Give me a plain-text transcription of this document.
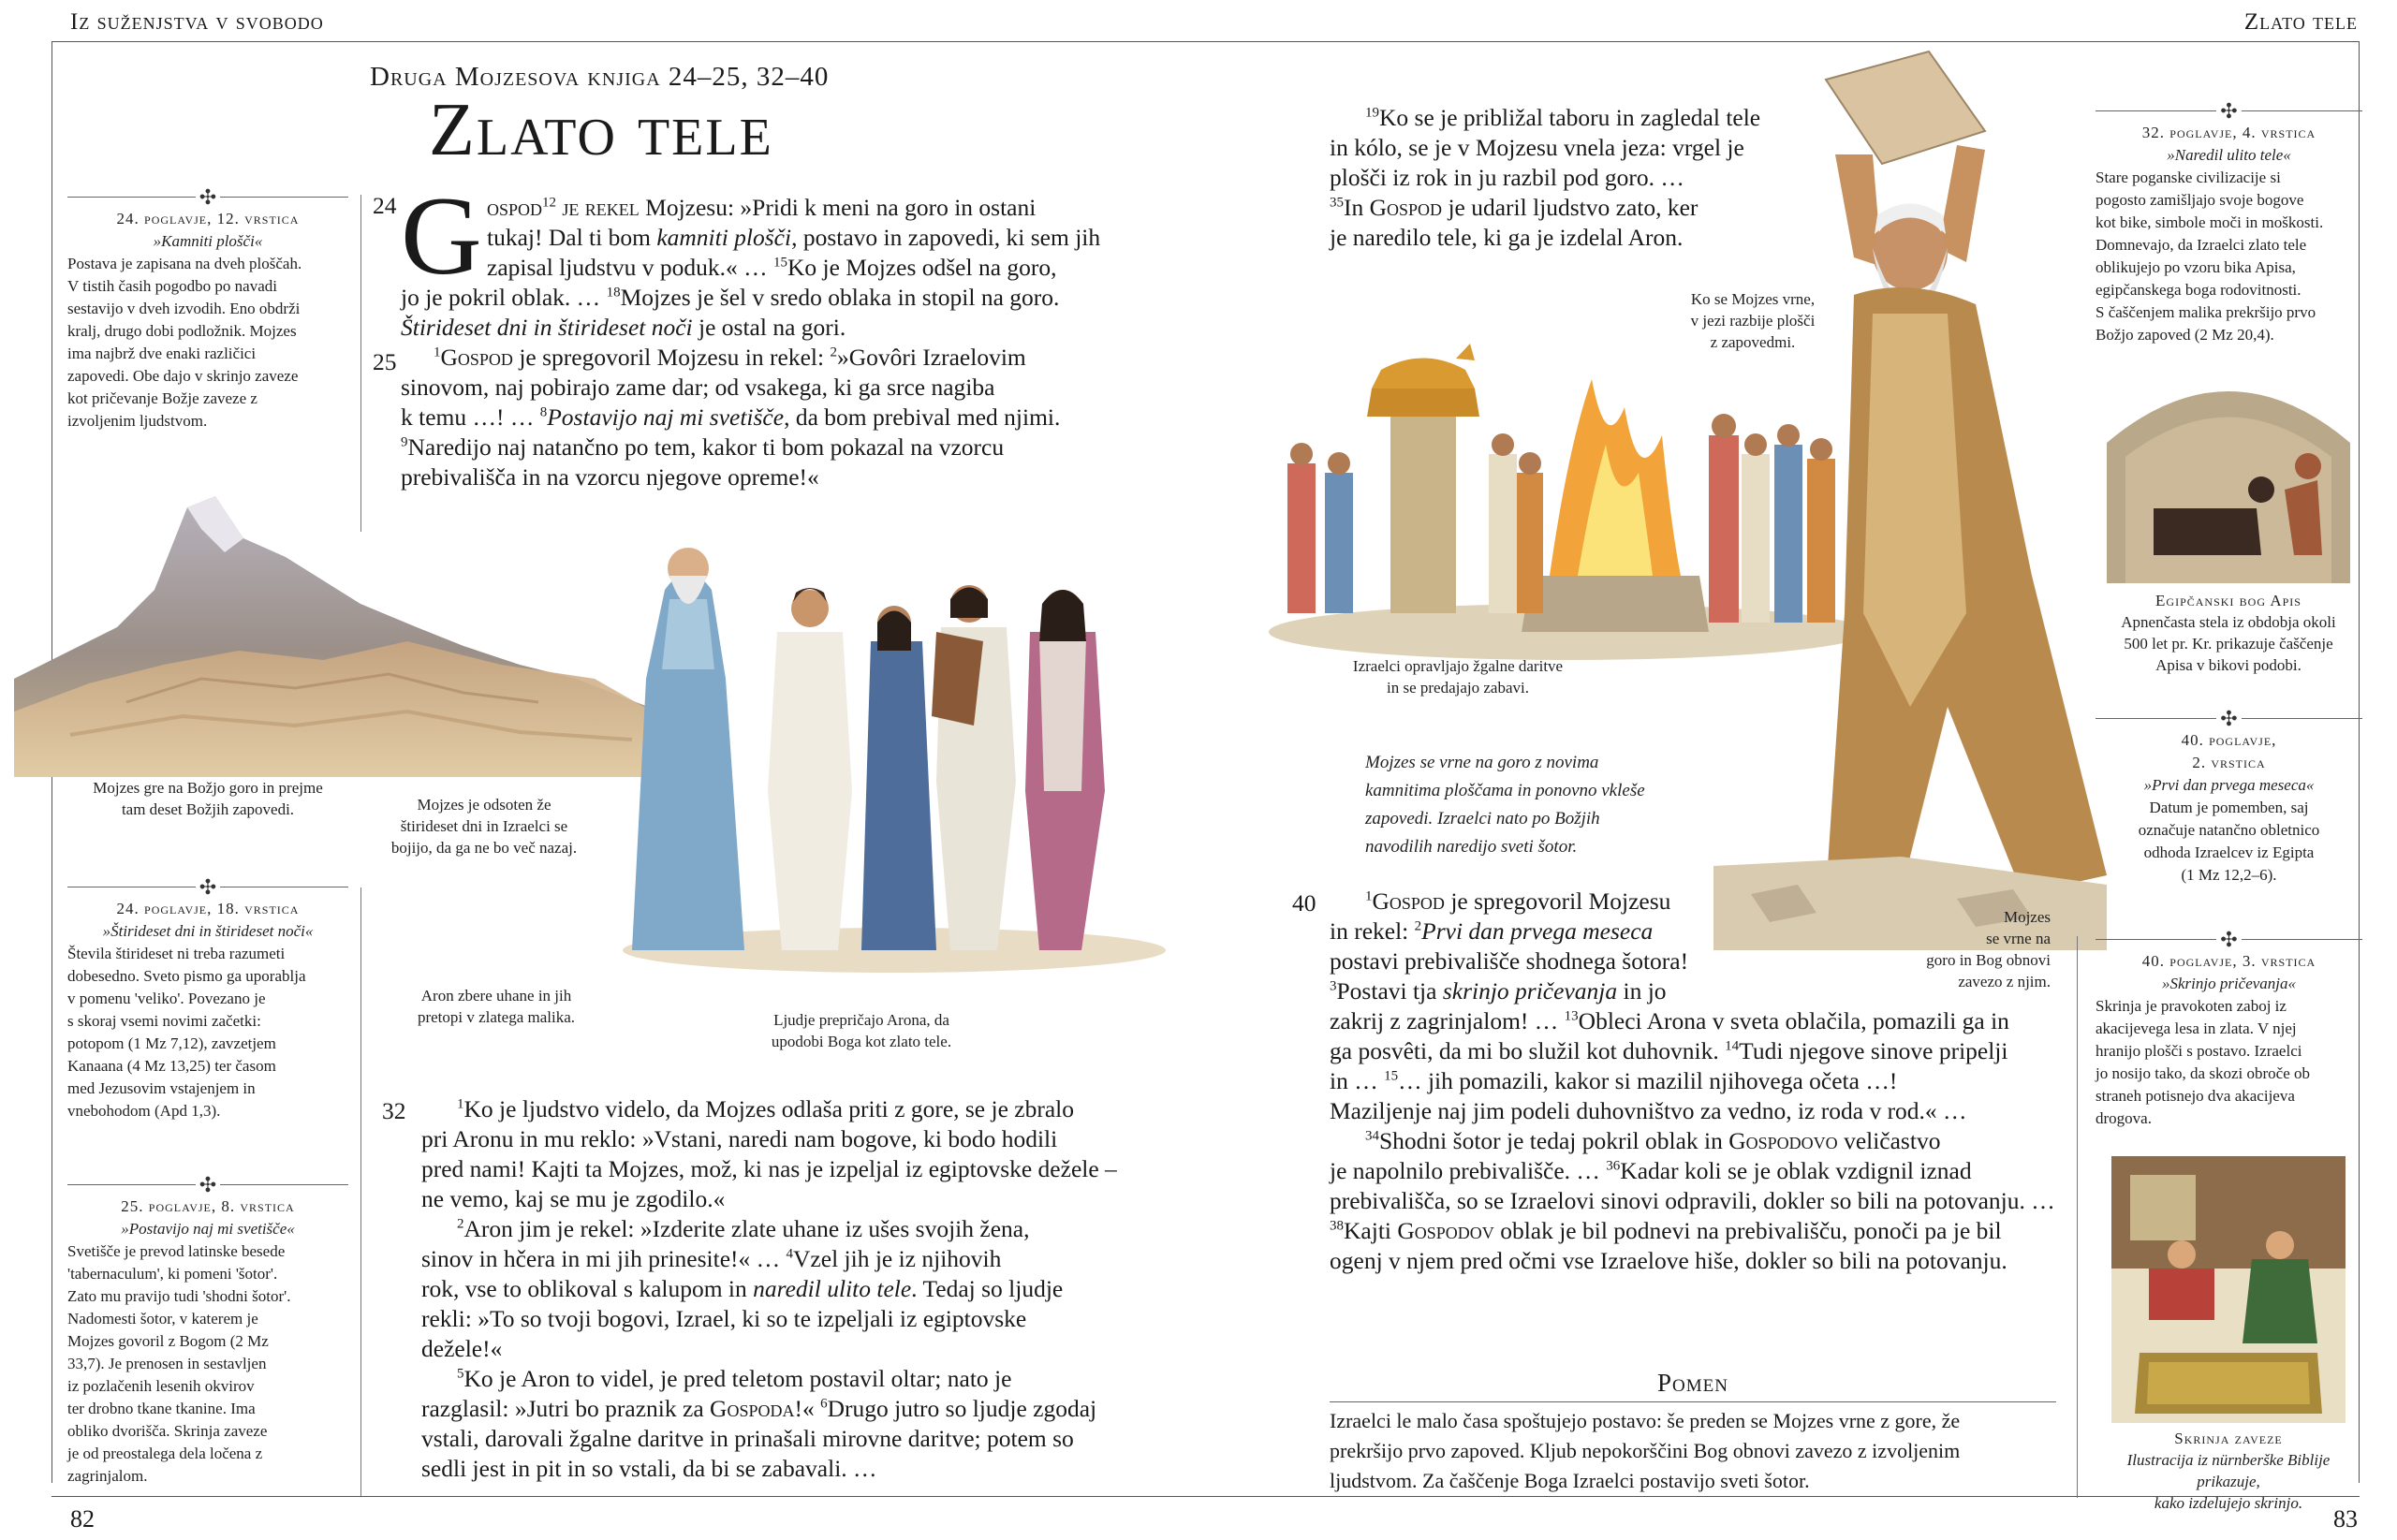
Iz suženjstva v svobodo	Zlato tele
82	83
Druga Mojzesova knjiga 24–25, 32–40
Zlato tele
24 G ospod$^{12}$ je rekel Mojzesu: »Pridi k meni na goro in ostani
tukaj! Dal ti bom kamniti plošči, postavo in zapovedi, ki sem jih
zapisal ljudstvu v poduk.« … $^{15}$Ko je Mojzes odšel na goro,
jo je pokril oblak. … $^{18}$Mojzes je šel v sredo oblaka in stopil na goro.
Štirideset dni in štirideset noči je ostal na gori.
25	$^1$Gospod je spregovoril Mojzesu in rekel: $^2$»Govôri Izraelovim
sinovom, naj pobirajo zame dar; od vsakega, ki ga srce nagiba
k temu …! … $^8$Postavijo naj mi svetišče, da bom prebival med njimi.
$^9$Naredijo naj natančno po tem, kakor ti bom pokazal na vzorcu
prebivališča in na vzorcu njegove opreme!«
✣
24. poglavje, 12. vrstica
»Kamniti plošči«
Postava je zapisana na dveh ploščah.
V tistih časih pogodbo po navadi
sestavijo v dveh izvodih. Eno obdrži
kralj, drugo dobi podložnik. Mojzes
ima najbrž dve enaki različici
zapovedi. Obe dajo v skrinjo zaveze
kot pričevanje Božje zaveze z
izvoljenim ljudstvom.
✣
24. poglavje, 18. vrstica
»Štirideset dni in štirideset noči«
Števila štirideset ni treba razumeti
dobesedno. Sveto pismo ga uporablja
v pomenu 'veliko'. Povezano je
s skoraj vsemi novimi začetki:
potopom (1 Mz 7,12), zavzetjem
Kanaana (4 Mz 13,25) ter časom
med Jezusovim vstajenjem in
vnebohodom (Apd 1,3).
✣
25. poglavje, 8. vrstica
»Postavijo naj mi svetišče«
Svetišče je prevod latinske besede
'tabernaculum', ki pomeni 'šotor'.
Zato mu pravijo tudi 'shodni šotor'.
Nadomesti šotor, v katerem je
Mojzes govoril z Bogom (2 Mz
33,7). Je prenosen in sestavljen
iz pozlačenih lesenih okvirov
ter drobno tkane tkanine. Ima
obliko dvorišča. Skrinja zaveze
je od preostalega dela ločena z
zagrinjalom.
Mojzes gre na Božjo goro in prejme
tam deset Božjih zapovedi.	Mojzes je odsoten že
štirideset dni in Izraelci se
bojijo, da ga ne bo več nazaj.
Aron zbere uhane in jih
pretopi v zlatega malika.	Ljudje prepričajo Arona, da
upodobi Boga kot zlato tele.
32	$^1$Ko je ljudstvo videlo, da Mojzes odlaša priti z gore, se je zbralo
pri Aronu in mu reklo: »Vstani, naredi nam bogove, ki bodo hodili
pred nami! Kajti ta Mojzes, mož, ki nas je izpeljal iz egiptovske dežele –
ne vemo, kaj se mu je zgodilo.«
$^2$Aron jim je rekel: »Izderite zlate uhane iz ušes svojih žena,
sinov in hčera in mi jih prinesite!« … $^4$Vzel jih je iz njihovih
rok, vse to oblikoval s kalupom in naredil ulito tele. Tedaj so ljudje
rekli: »To so tvoji bogovi, Izrael, ki so te izpeljali iz egiptovske
dežele!«
$^5$Ko je Aron to videl, je pred teletom postavil oltar; nato je
razglasil: »Jutri bo praznik za Gospoda!« $^6$Drugo jutro so ljudje zgodaj
vstali, darovali žgalne daritve in prinašali mirovne daritve; potem so
sedli jest in pit in so vstali, da bi se zabavali. …
$^{19}$Ko se je približal taboru in zagledal tele
in kólo, se je v Mojzesu vnela jeza: vrgel je
plošči iz rok in ju razbil pod goro. …
$^{35}$In Gospod je udaril ljudstvo zato, ker
je naredilo tele, ki ga je izdelal Aron.
Ko se Mojzes vrne,
v jezi razbije plošči
z zapovedmi.
Izraelci opravljajo žgalne daritve
in se predajajo zabavi.
Mojzes se vrne na goro z novima
kamnitima ploščama in ponovno vkleše
zapovedi. Izraelci nato po Božjih
navodilih naredijo sveti šotor.
Mojzes
se vrne na
goro in Bog obnovi
zavezo z njim.
40	$^1$Gospod je spregovoril Mojzesu
in rekel: $^2$Prvi dan prvega meseca
postavi prebivališče shodnega šotora!
$^3$Postavi tja skrinjo pričevanja in jo
zakrij z zagrinjalom! … $^{13}$Obleci Arona v sveta oblačila, pomazili ga in
ga posvêti, da mi bo služil kot duhovnik. $^{14}$Tudi njegove sinove pripelji
in … $^{15}$… jih pomazili, kakor si mazilil njihovega očeta …!
Maziljenje naj jim podeli duhovništvo za vedno, iz roda v rod.« …
$^{34}$Shodni šotor je tedaj pokril oblak in Gospodovo veličastvo
je napolnilo prebivališče. … $^{36}$Kadar koli se je oblak vzdignil iznad
prebivališča, so se Izraelovi sinovi odpravili, dokler so bili na potovanju. …
$^{38}$Kajti Gospodov oblak je bil podnevi na prebivališču, ponoči pa je bil
ogenj v njem pred očmi vse Izraelove hiše, dokler so bili na potovanju.
Pomen
Izraelci le malo časa spoštujejo postavo: še preden se Mojzes vrne z gore, že
prekršijo prvo zapoved. Kljub nepokorščini Bog obnovi zavezo z izvoljenim
ljudstvom. Za čaščenje Boga Izraelci postavijo sveti šotor.
✣
32. poglavje, 4. vrstica
»Naredil ulito tele«
Stare poganske civilizacije si
pogosto zamišljajo svoje bogove
kot bike, simbole moči in moškosti.
Domnevajo, da Izraelci zlato tele
oblikujejo po vzoru bika Apisa,
egipčanskega boga rodovitnosti.
S čaščenjem malika prekršijo prvo
Božjo zapoved (2 Mz 20,4).
Egipčanski bog Apis
Apnenčasta stela iz obdobja okoli
500 let pr. Kr. prikazuje čaščenje
Apisa v bikovi podobi.
✣
40. poglavje,
2. vrstica
»Prvi dan prvega meseca«
Datum je pomemben, saj
označuje natančno obletnico
odhoda Izraelcev iz Egipta
(1 Mz 12,2–6).
✣
40. poglavje, 3. vrstica
»Skrinjo pričevanja«
Skrinja je pravokoten zaboj iz
akacijevega lesa in zlata. V njej
hranijo plošči s postavo. Izraelci
jo nosijo tako, da skozi obroče ob
straneh potisnejo dva akacijeva
drogova.
Skrinja zaveze
Ilustracija iz nürnberške Biblije prikazuje,
kako izdelujejo skrinjo.
